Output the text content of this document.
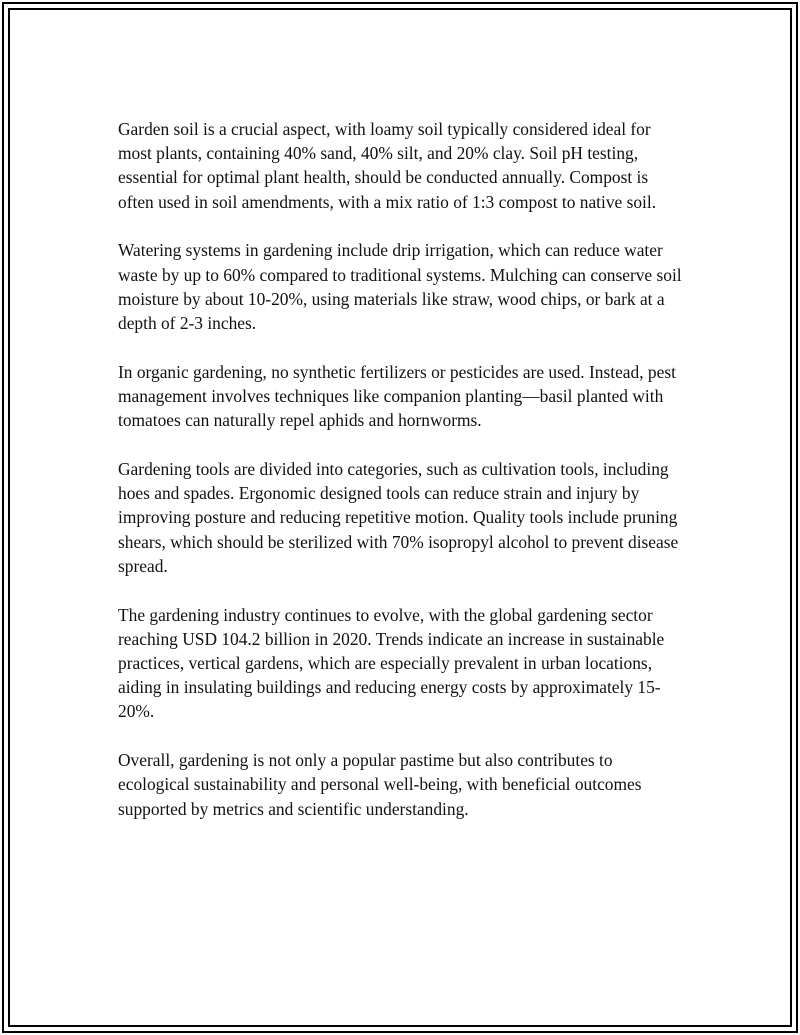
Garden soil is a crucial aspect, with loamy soil typically considered ideal for most plants, containing 40% sand, 40% silt, and 20% clay. Soil pH testing, essential for optimal plant health, should be conducted annually. Compost is often used in soil amendments, with a mix ratio of 1:3 compost to native soil.

Watering systems in gardening include drip irrigation, which can reduce water waste by up to 60% compared to traditional systems. Mulching can conserve soil moisture by about 10-20%, using materials like straw, wood chips, or bark at a depth of 2-3 inches.

In organic gardening, no synthetic fertilizers or pesticides are used. Instead, pest management involves techniques like companion planting—basil planted with tomatoes can naturally repel aphids and hornworms.

Gardening tools are divided into categories, such as cultivation tools, including hoes and spades. Ergonomic designed tools can reduce strain and injury by improving posture and reducing repetitive motion. Quality tools include pruning shears, which should be sterilized with 70% isopropyl alcohol to prevent disease spread.

The gardening industry continues to evolve, with the global gardening sector reaching USD 104.2 billion in 2020. Trends indicate an increase in sustainable practices, vertical gardens, which are especially prevalent in urban locations, aiding in insulating buildings and reducing energy costs by approximately 15-20%.

Overall, gardening is not only a popular pastime but also contributes to ecological sustainability and personal well-being, with beneficial outcomes supported by metrics and scientific understanding.
